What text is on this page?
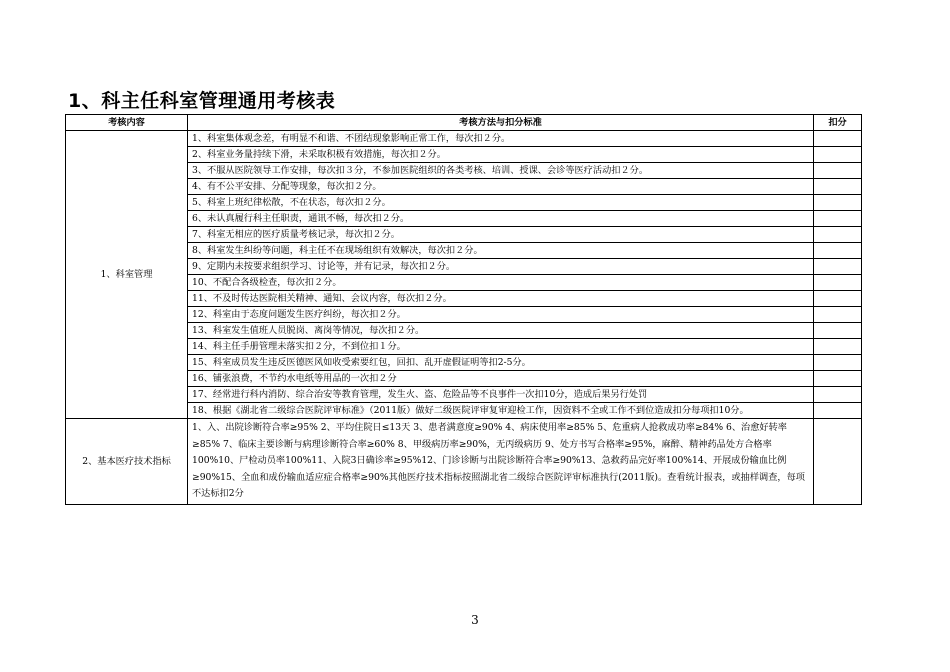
1、科主任科室管理通用考核表
考核内容	考核方法与扣分标准	扣分
1、科室管理	1、科室集体观念差，有明显不和谐、不团结现象影响正常工作，每次扣２分。	
	2、科室业务量持续下滑，未采取积极有效措施，每次扣２分。	
	3、不服从医院领导工作安排，每次扣３分，不参加医院组织的各类考核、培训、授课、会诊等医疗活动扣２分。	
	4、有不公平安排、分配等现象，每次扣２分。	
	5、科室上班纪律松散，不在状态，每次扣２分。	
	6、未认真履行科主任职责，通讯不畅，每次扣２分。	
	7、科室无相应的医疗质量考核记录，每次扣２分。	
	8、科室发生纠纷等问题，科主任不在现场组织有效解决，每次扣２分。	
	9、定期内未按要求组织学习、讨论等，并有记录，每次扣２分。	
	10、不配合各级检查，每次扣２分。	
	11、不及时传达医院相关精神、通知、会议内容，每次扣２分。	
	12、科室由于态度问题发生医疗纠纷，每次扣２分。	
	13、科室发生值班人员脱岗、离岗等情况，每次扣２分。	
	14、科主任手册管理未落实扣２分，不到位扣１分。	
	15、科室成员发生违反医德医风如收受索要红包，回扣、乱开虚假证明等扣2-5分。	
	16、铺张浪费，不节约水电纸等用品的一次扣２分	
	17、经常进行科内消防、综合治安等教育管理，发生火、盗、危险品等不良事件一次扣10分，造成后果另行处罚	
	18、根据《湖北省二级综合医院评审标准》（2011版）做好二级医院评审复审迎检工作，因资料不全或工作不到位造成扣分每项扣10分。	
2、基本医疗技术指标	1、入、出院诊断符合率≥95% 2、平均住院日≤13天 3、患者满意度≥90% 4、病床使用率≥85% 5、危重病人抢救成功率≥84% 6、治愈好转率≥85% 7、临床主要诊断与病理诊断符合率≥60% 8、甲级病历率≥90%，无丙级病历 9、处方书写合格率≥95%，麻醉、精神药品处方合格率100%10、尸检动员率100%11、入院3日确诊率≥95%12、门诊诊断与出院诊断符合率≥90%13、急救药品完好率100%14、开展成份输血比例≥90%15、全血和成份输血适应症合格率≥90%其他医疗技术指标按照湖北省二级综合医院评审标准执行(2011版)。查看统计报表，或抽样调查，每项不达标扣2分	
3
